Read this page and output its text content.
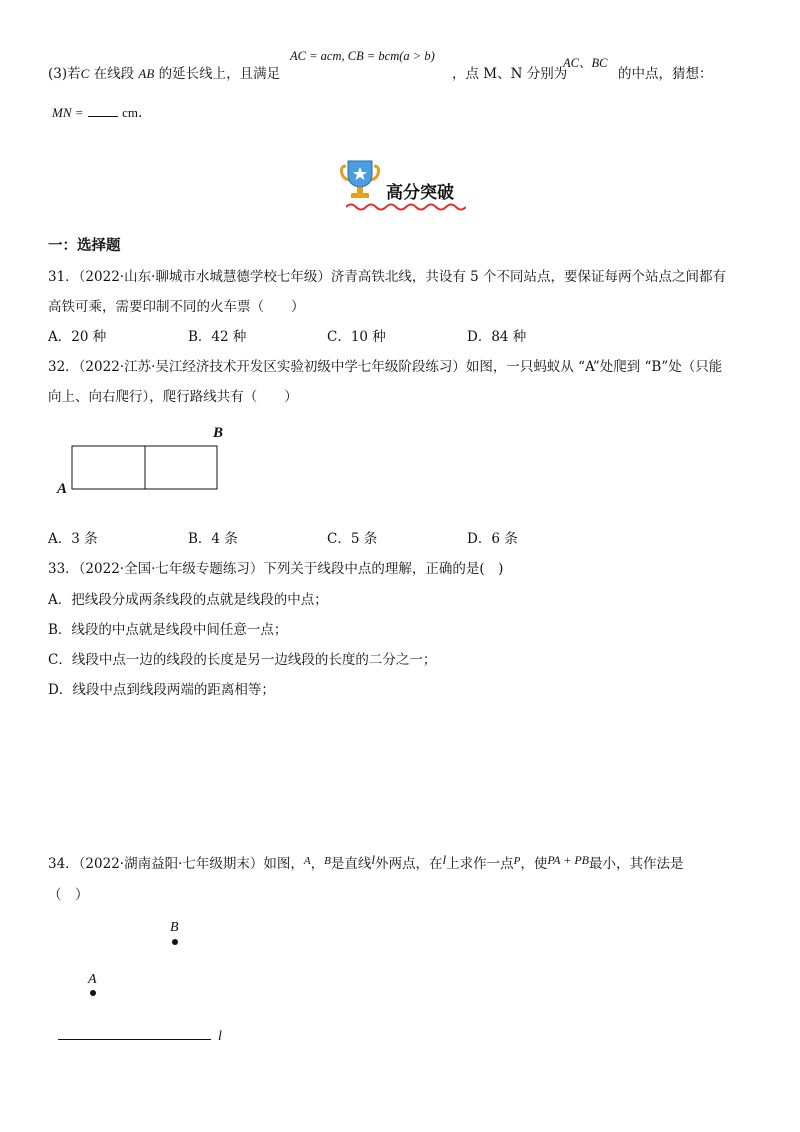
(3)若C 在线段 AB 的延长线上，且满足
AC = acm, CB = bcm(a > b)
，点 M、N 分别为
AC、BC
的中点，猜想：
MN =	cm.
高分突破
一：选择题
31．（2022·山东·聊城市水城慧德学校七年级）济青高铁北线，共设有 5 个不同站点，要保证每两个站点之间都有
高铁可乘，需要印制不同的火车票（　　）
A．20 种	B．42 种	C．10 种	D．84 种
32．（2022·江苏·吴江经济技术开发区实验初级中学七年级阶段练习）如图，一只蚂蚁从 “A”处爬到 “B”处（只能
向上、向右爬行），爬行路线共有（　　）
A
B
A．3 条	B．4 条	C．5 条	D．6 条
33．（2022·全国·七年级专题练习）下列关于线段中点的理解，正确的是(　)
A．把线段分成两条线段的点就是线段的中点；
B．线段的中点就是线段中间任意一点；
C．线段中点一边的线段的长度是另一边线段的长度的二分之一；
D．线段中点到线段两端的距离相等；
34．（2022·湖南益阳·七年级期末）如图，$^A$，$^B$是直线l外两点，在l上求作一点$^P$，使PA + PB最小，其作法是
（　）
B
A
l
